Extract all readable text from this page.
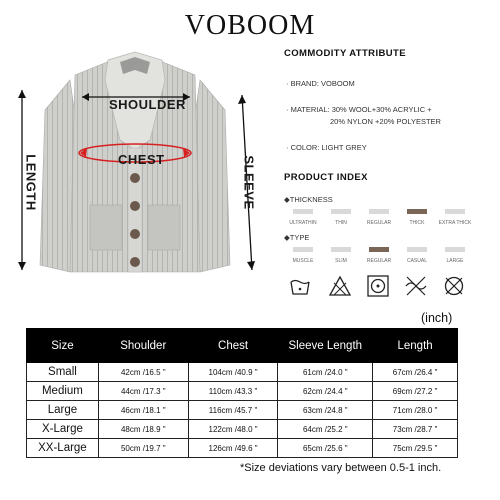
VOBOOM
SHOULDER
CHEST
LENGTH	SLEEVE
COMMODITY ATTRIBUTE
· BRAND: VOBOOM
· MATERIAL: 30% WOOL+30% ACRYLIC +
20% NYLON +20% POLYESTER
· COLOR: LIGHT GREY
PRODUCT INDEX
◆THICKNESS
ULTRATHIN	THIN	REGULAR	THICK	EXTRA THICK
◆TYPE
MUSCLE	SLIM	REGULAR	CASUAL	LARGE
(inch)
Size	Shoulder	Chest	Sleeve Length	Length
Small	42cm /16.5 "	104cm /40.9 "	61cm /24.0 "	67cm /26.4 "
Medium	44cm /17.3 "	110cm /43.3 "	62cm /24.4 "	69cm /27.2 "
Large	46cm /18.1 "	116cm /45.7 "	63cm /24.8 "	71cm /28.0 "
X-Large	48cm /18.9 "	122cm /48.0 "	64cm /25.2 "	73cm /28.7 "
XX-Large	50cm /19.7 "	126cm /49.6 "	65cm /25.6 "	75cm /29.5 "
*Size deviations vary between 0.5-1 inch.
